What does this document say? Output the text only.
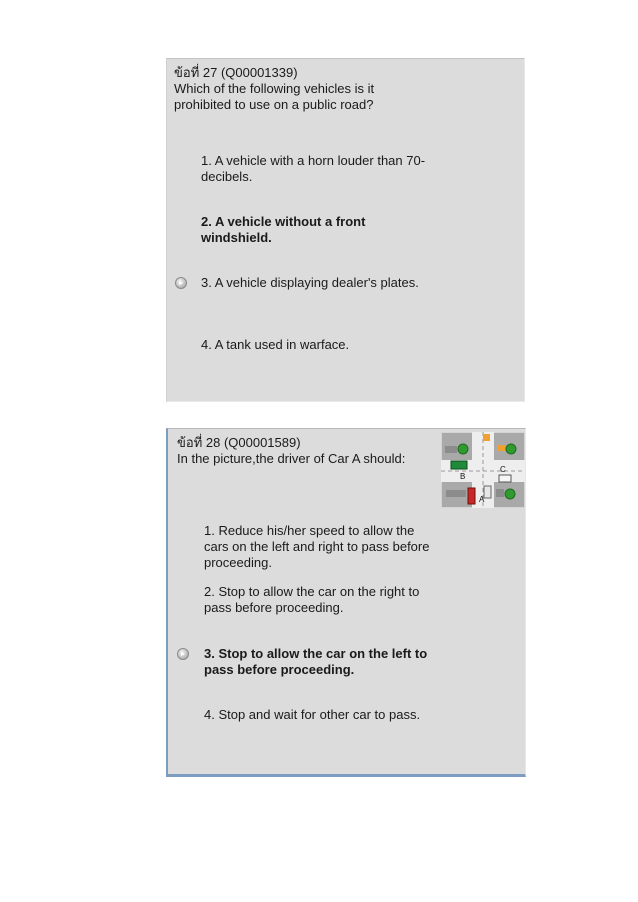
ข้อที่ 27 (Q00001339)
Which of the following vehicles is it
prohibited to use on a public road?
1. A vehicle with a horn louder than 70-
decibels.
2. A vehicle without a front
windshield.
3. A vehicle displaying dealer's plates.
4. A tank used in warface.
ข้อที่ 28 (Q00001589)
In the picture,the driver of Car A should:
B
C
A
1. Reduce his/her speed to allow the
cars on the left and right to pass before
proceeding.
2. Stop to allow the car on the right to
pass before proceeding.
3. Stop to allow the car on the left to
pass before proceeding.
4. Stop and wait for other car to pass.
